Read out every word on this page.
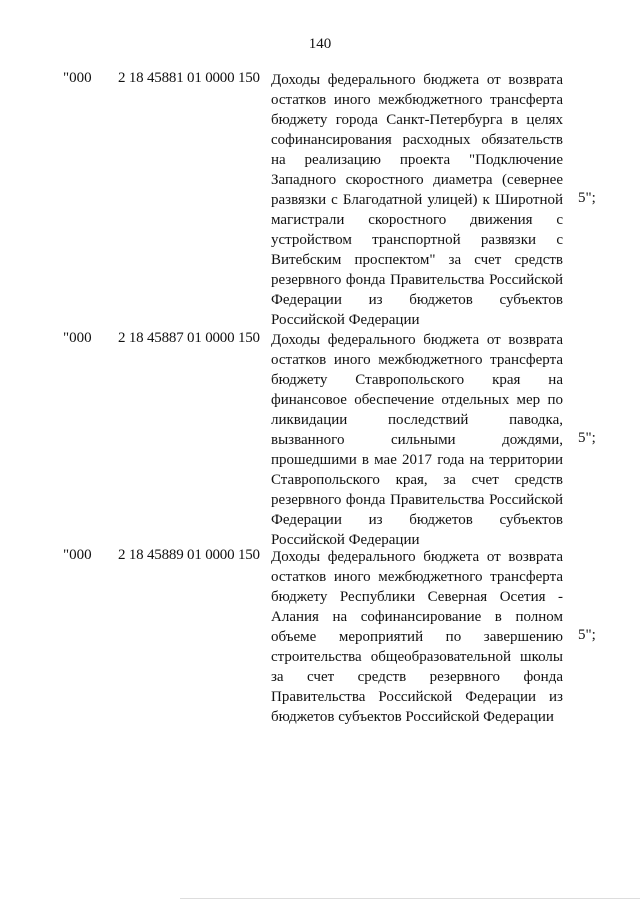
140
"000 2 18 45881 01 0000 150 Доходы федерального бюджета от возврата
остатков иного межбюджетного трансферта
бюджету города Санкт-Петербурга в целях
софинансирования расходных обязательств
на реализацию проекта "Подключение
Западного скоростного диаметра (севернее
развязки с Благодатной улицей) к Широтной
магистрали скоростного движения с
устройством транспортной развязки с
Витебским проспектом" за счет средств
резервного фонда Правительства Российской
Федерации из бюджетов субъектов
Российской Федерации
5";
"000 2 18 45887 01 0000 150 Доходы федерального бюджета от возврата
остатков иного межбюджетного трансферта
бюджету Ставропольского края на
финансовое обеспечение отдельных мер по
ликвидации последствий паводка,
вызванного сильными дождями,
прошедшими в мае 2017 года на территории
Ставропольского края, за счет средств
резервного фонда Правительства Российской
Федерации из бюджетов субъектов
Российской Федерации
5";
"000 2 18 45889 01 0000 150 Доходы федерального бюджета от возврата
остатков иного межбюджетного трансферта
бюджету Республики Северная Осетия -
Алания на софинансирование в полном
объеме мероприятий по завершению
строительства общеобразовательной школы
за счет средств резервного фонда
Правительства Российской Федерации из
бюджетов субъектов Российской Федерации
5";
